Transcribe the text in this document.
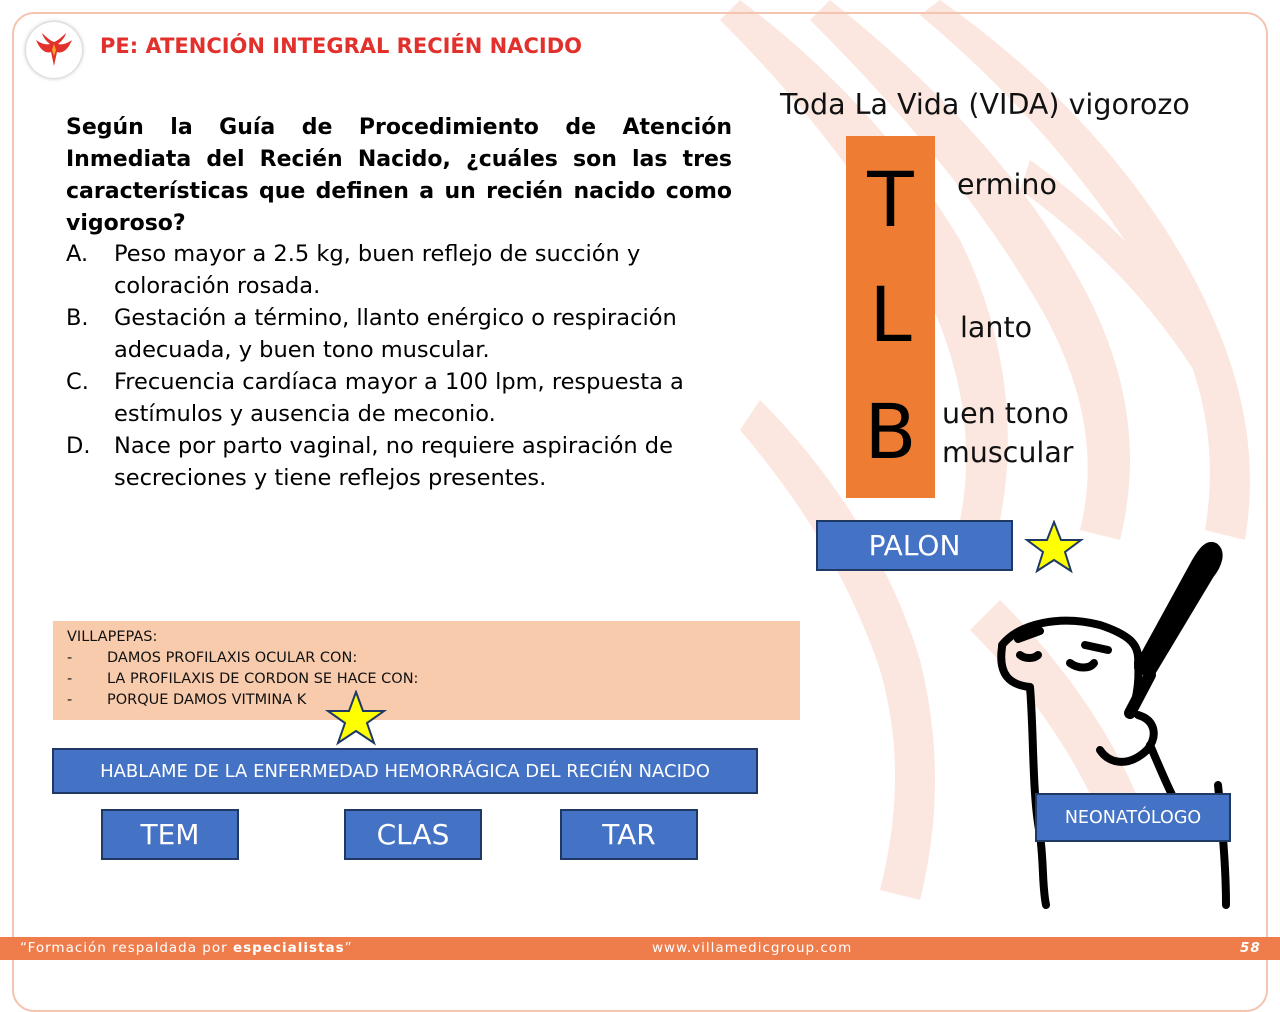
PE: ATENCIÓN INTEGRAL RECIÉN NACIDO
Según la Guía de Procedimiento de Atención Inmediata del Recién Nacido, ¿cuáles son las tres características que definen a un recién nacido como vigoroso?
A.	Peso mayor a 2.5 kg, buen reflejo de succión y coloración rosada.
B.	Gestación a término, llanto enérgico o respiración adecuada, y buen tono muscular.
C.	Frecuencia cardíaca mayor a 100 lpm, respuesta a estímulos y ausencia de meconio.
D.	Nace por parto vaginal, no requiere aspiración de secreciones y tiene reflejos presentes.
Toda La Vida (VIDA) vigorozo
T
L
B
ermino
lanto
uen tono
muscular
PALON
VILLAPEPAS:
-	DAMOS PROFILAXIS OCULAR CON:
-	LA PROFILAXIS DE CORDON SE HACE CON:
-	PORQUE DAMOS VITMINA K
HABLAME DE LA ENFERMEDAD HEMORRÁGICA DEL RECIÉN NACIDO
TEM	CLAS	TAR
NEONATÓLOGO
“Formación respaldada por especialistas”	www.villamedicgroup.com	58
